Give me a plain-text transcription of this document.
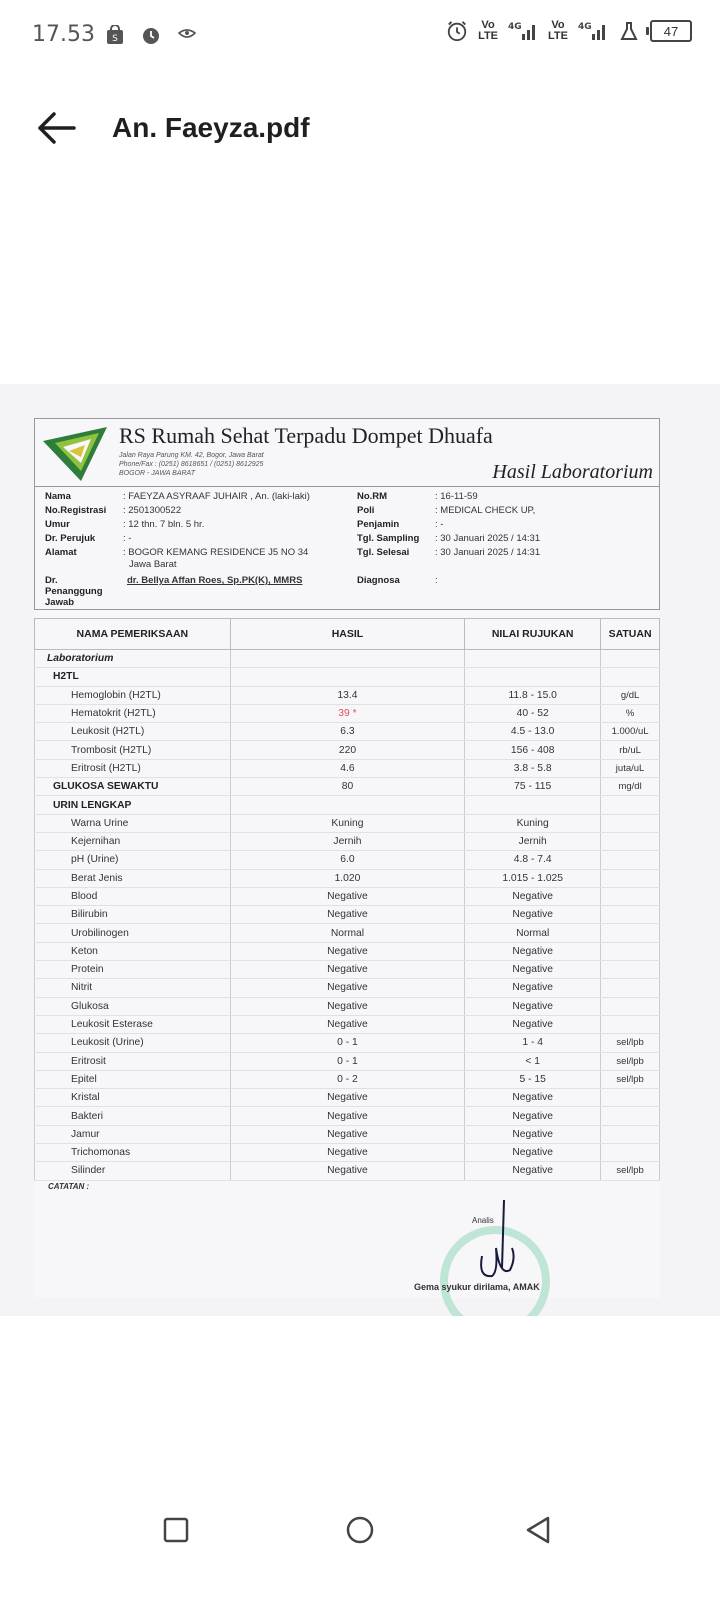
17.53 S
Vo
LTE
4G	Vo
LTE
4G	47
An. Faeyza.pdf
RS Rumah Sehat Terpadu Dompet Dhuafa
Jalan Raya Parung KM. 42, Bogor, Jawa Barat
Phone/Fax : (0251) 8618651 / (0251) 8612925
BOGOR - JAWA BARAT	Hasil Laboratorium
Nama	: FAEYZA ASYRAAF JUHAIR , An. (laki-laki)
No.Registrasi : 2501300522
Umur	: 12 thn. 7 bln. 5 hr.
Dr. Perujuk	: -
Alamat	: BOGOR KEMANG RESIDENCE J5 NO 34
Jawa Barat
Dr.
Penanggung
Jawab
dr. Bellya Affan Roes, Sp.PK(K), MMRS
No.RM	: 16-11-59
Poli	: MEDICAL CHECK UP,
Penjamin	: -
Tgl. Sampling : 30 Januari 2025 / 14:31
Tgl. Selesai	: 30 Januari 2025 / 14:31
Diagnosa	:
NAMA PEMERIKSAAN	HASIL	NILAI RUJUKAN	SATUAN
Laboratorium			
H2TL			
Hemoglobin (H2TL)	13.4	11.8 - 15.0	g/dL
Hematokrit (H2TL)	39 *	40 - 52	%
Leukosit (H2TL)	6.3	4.5 - 13.0	1.000/uL
Trombosit (H2TL)	220	156 - 408	rb/uL
Eritrosit (H2TL)	4.6	3.8 - 5.8	juta/uL
GLUKOSA SEWAKTU	80	75 - 115	mg/dl
URIN LENGKAP			
Warna Urine	Kuning	Kuning	
Kejernihan	Jernih	Jernih	
pH (Urine)	6.0	4.8 - 7.4	
Berat Jenis	1.020	1.015 - 1.025	
Blood	Negative	Negative	
Bilirubin	Negative	Negative	
Urobilinogen	Normal	Normal	
Keton	Negative	Negative	
Protein	Negative	Negative	
Nitrit	Negative	Negative	
Glukosa	Negative	Negative	
Leukosit Esterase	Negative	Negative	
Leukosit (Urine)	0 - 1	1 - 4	sel/lpb
Eritrosit	0 - 1	< 1	sel/lpb
Epitel	0 - 2	5 - 15	sel/lpb
Kristal	Negative	Negative	
Bakteri	Negative	Negative	
Jamur	Negative	Negative	
Trichomonas	Negative	Negative	
Silinder	Negative	Negative	sel/lpb
CATATAN :
Analis
Gema syukur dirilama, AMAK
